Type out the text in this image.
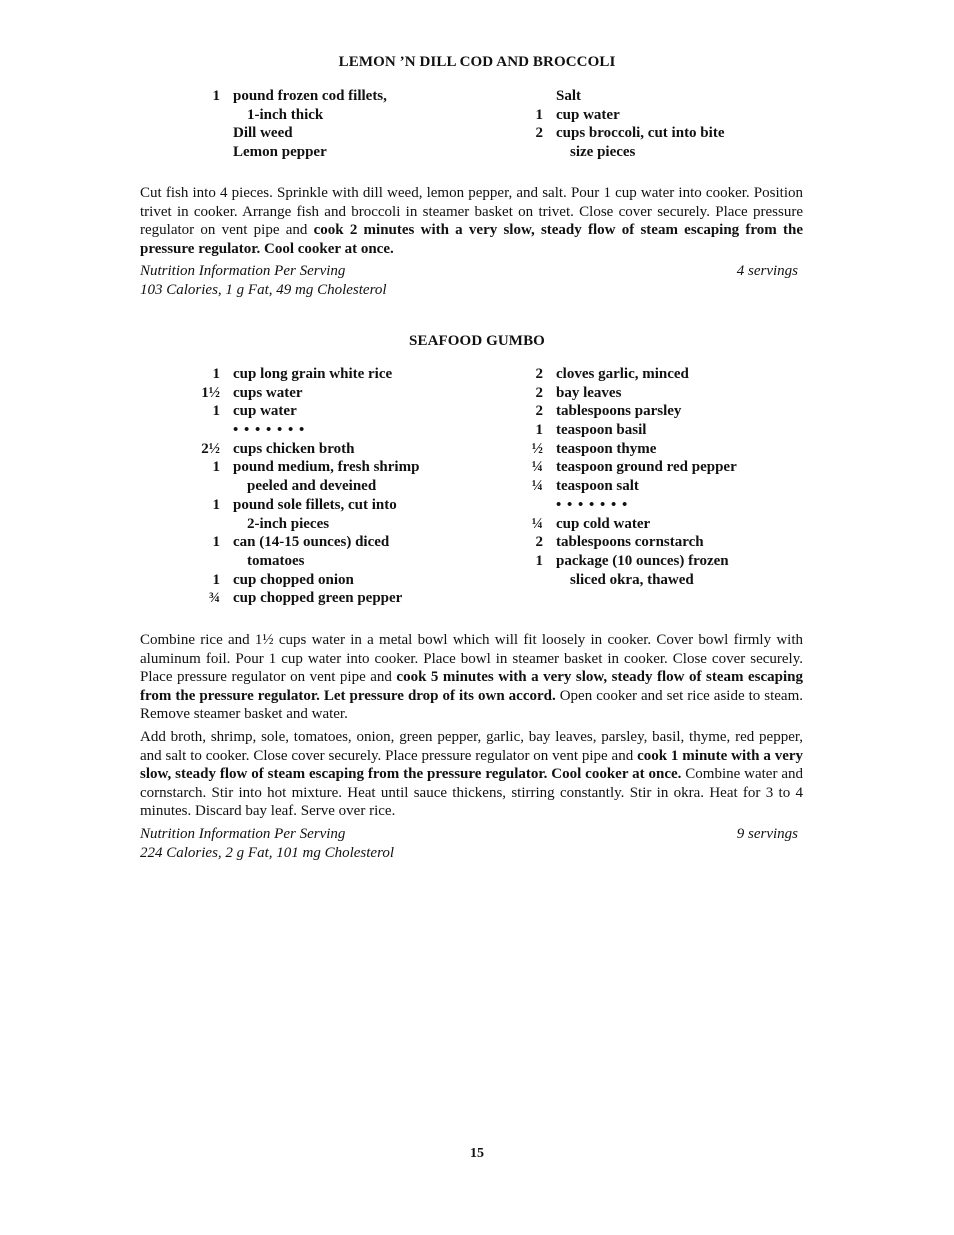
LEMON ’N DILL COD AND BROCCOLI
1 pound frozen cod fillets,
1-inch thick
Dill weed
Lemon pepper
Salt
1 cup water
2 cups broccoli, cut into bite
size pieces

Cut fish into 4 pieces. Sprinkle with dill weed, lemon pepper, and salt. Pour 1 cup water into cooker. Position trivet in cooker. Arrange fish and broccoli in steamer basket on trivet. Close cover securely. Place pressure regulator on vent pipe and cook 2 minutes with a very slow, steady flow of steam escaping from the pressure regulator. Cool cooker at once.

Nutrition Information Per Serving	4 servings
103 Calories, 1 g Fat, 49 mg Cholesterol
SEAFOOD GUMBO
1 cup long grain white rice
1½ cups water
1 cup water
• • • • • • •
2½ cups chicken broth
1 pound medium, fresh shrimp
peeled and deveined
1 pound sole fillets, cut into
2-inch pieces
1 can (14-15 ounces) diced
tomatoes
1 cup chopped onion
¾ cup chopped green pepper
2 cloves garlic, minced
2 bay leaves
2 tablespoons parsley
1 teaspoon basil
½ teaspoon thyme
¼ teaspoon ground red pepper
¼ teaspoon salt
• • • • • • •
¼ cup cold water
2 tablespoons cornstarch
1 package (10 ounces) frozen
sliced okra, thawed

Combine rice and 1½ cups water in a metal bowl which will fit loosely in cooker. Cover bowl firmly with aluminum foil. Pour 1 cup water into cooker. Place bowl in steamer basket in cooker. Close cover securely. Place pressure regulator on vent pipe and cook 5 minutes with a very slow, steady flow of steam escaping from the pressure regulator. Let pressure drop of its own accord. Open cooker and set rice aside to steam. Remove steamer basket and water.

Add broth, shrimp, sole, tomatoes, onion, green pepper, garlic, bay leaves, parsley, basil, thyme, red pepper, and salt to cooker. Close cover securely. Place pressure regulator on vent pipe and cook 1 minute with a very slow, steady flow of steam escaping from the pressure regulator. Cool cooker at once. Combine water and cornstarch. Stir into hot mixture. Heat until sauce thickens, stirring constantly. Stir in okra. Heat for 3 to 4 minutes. Discard bay leaf. Serve over rice.

Nutrition Information Per Serving	9 servings
224 Calories, 2 g Fat, 101 mg Cholesterol
15
